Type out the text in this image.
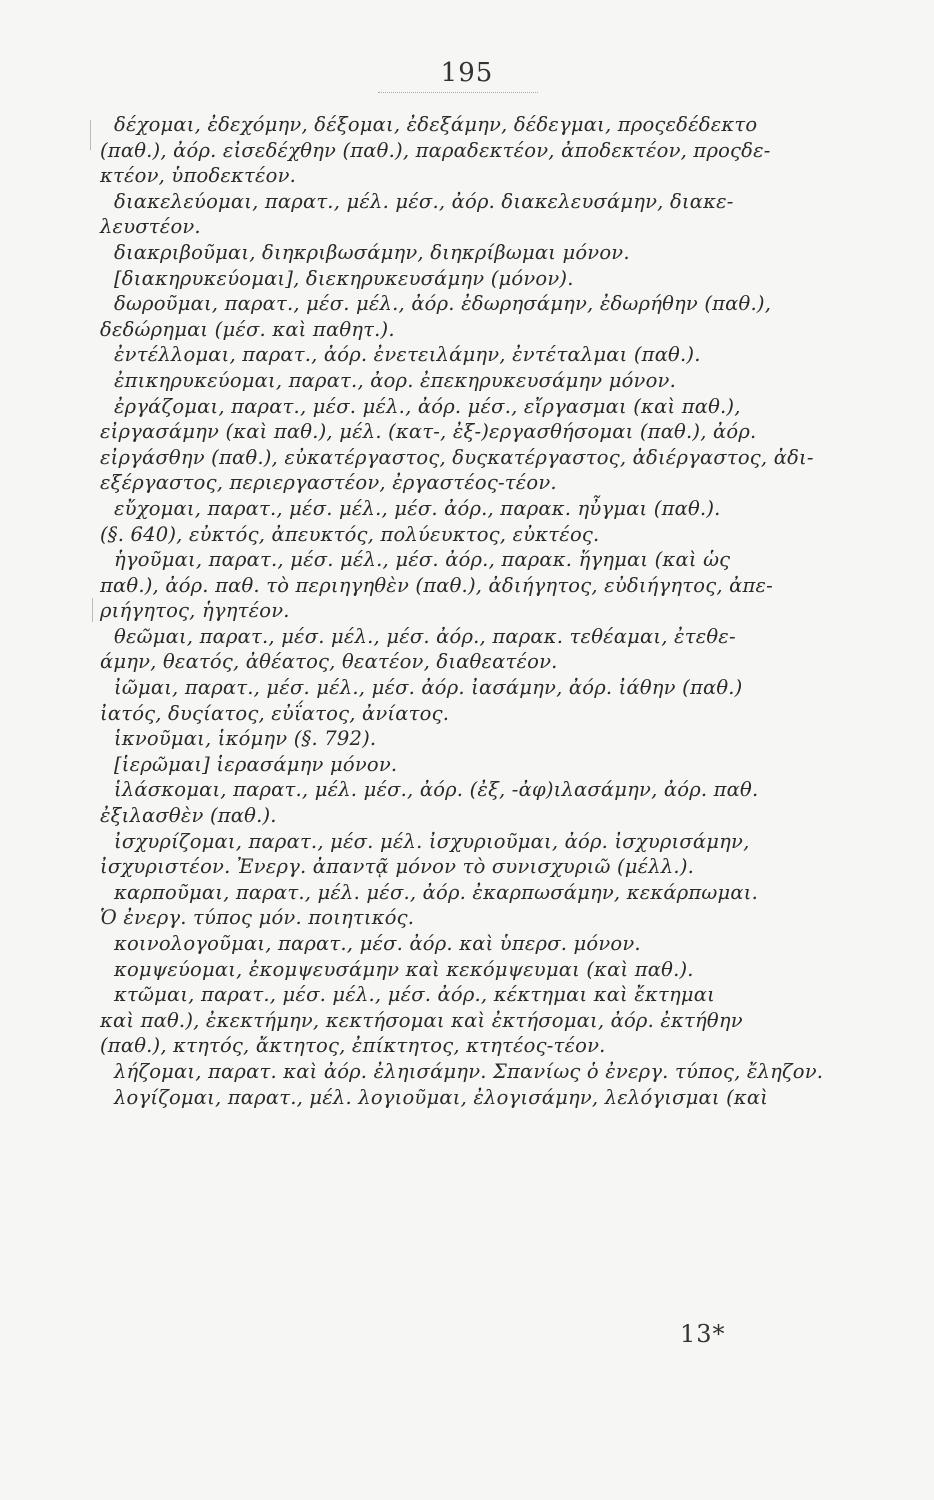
195
δέχομαι, ἐδεχόμην, δέξομαι, ἐδεξάμην, δέδεγμαι, προςεδέδεκτο
(παθ.), ἀόρ. εἰσεδέχθην (παθ.), παραδεκτέον, ἀποδεκτέον, προςδε-
κτέον, ὑποδεκτέον.
διακελεύομαι, παρατ., μέλ. μέσ., ἀόρ. διακελευσάμην, διακε-
λευστέον.
διακριβοῦμαι, διηκριβωσάμην, διηκρίβωμαι μόνον.
[διακηρυκεύομαι], διεκηρυκευσάμην (μόνον).
δωροῦμαι, παρατ., μέσ. μέλ., ἀόρ. ἐδωρησάμην, ἐδωρήθην (παθ.),
δεδώρημαι (μέσ. καὶ παθητ.).
ἐντέλλομαι, παρατ., ἀόρ. ἐνετειλάμην, ἐντέταλμαι (παθ.).
ἐπικηρυκεύομαι, παρατ., ἀορ. ἐπεκηρυκευσάμην μόνον.
ἐργάζομαι, παρατ., μέσ. μέλ., ἀόρ. μέσ., εἴργασμαι (καὶ παθ.),
εἰργασάμην (καὶ παθ.), μέλ. (κατ-, ἐξ-)εργασθήσομαι (παθ.), ἀόρ.
εἰργάσθην (παθ.), εὐκατέργαστος, δυςκατέργαστος, ἀδιέργαστος, ἀδι-
εξέργαστος, περιεργαστέον, ἐργαστέος-τέον.
εὔχομαι, παρατ., μέσ. μέλ., μέσ. ἀόρ., παρακ. ηὖγμαι (παθ.).
(§. 640), εὐκτός, ἀπευκτός, πολύευκτος, εὐκτέος.
ἡγοῦμαι, παρατ., μέσ. μέλ., μέσ. ἀόρ., παρακ. ἥγημαι (καὶ ὡς
παθ.), ἀόρ. παθ. τὸ περιηγηθὲν (παθ.), ἀδιήγητος, εὐδιήγητος, ἀπε-
ριήγητος, ἡγητέον.
θεῶμαι, παρατ., μέσ. μέλ., μέσ. ἀόρ., παρακ. τεθέαμαι, ἐτεθε-
άμην, θεατός, ἀθέατος, θεατέον, διαθεατέον.
ἰῶμαι, παρατ., μέσ. μέλ., μέσ. ἀόρ. ἰασάμην, ἀόρ. ἰάθην (παθ.)
ἰατός, δυςίατος, εὐΐατος, ἀνίατος.
ἱκνοῦμαι, ἱκόμην (§. 792).
[ἱερῶμαι] ἱερασάμην μόνον.
ἱλάσκομαι, παρατ., μέλ. μέσ., ἀόρ. (ἐξ, -ἀφ)ιλασάμην, ἀόρ. παθ.
ἐξιλασθὲν (παθ.).
ἰσχυρίζομαι, παρατ., μέσ. μέλ. ἰσχυριοῦμαι, ἀόρ. ἰσχυρισάμην,
ἰσχυριστέον. Ἐνεργ. ἀπαντᾷ μόνον τὸ συνισχυριῶ (μέλλ.).
καρποῦμαι, παρατ., μέλ. μέσ., ἀόρ. ἐκαρπωσάμην, κεκάρπωμαι.
Ὁ ἐνεργ. τύπος μόν. ποιητικός.
κοινολογοῦμαι, παρατ., μέσ. ἀόρ. καὶ ὑπερσ. μόνον.
κομψεύομαι, ἐκομψευσάμην καὶ κεκόμψευμαι (καὶ παθ.).
κτῶμαι, παρατ., μέσ. μέλ., μέσ. ἀόρ., κέκτημαι καὶ ἔκτημαι
καὶ παθ.), ἐκεκτήμην, κεκτήσομαι καὶ ἐκτήσομαι, ἀόρ. ἐκτήθην
(παθ.), κτητός, ἄκτητος, ἐπίκτητος, κτητέος-τέον.
λήζομαι, παρατ. καὶ ἀόρ. ἐληισάμην. Σπανίως ὁ ἐνεργ. τύπος, ἔληζον.
λογίζομαι, παρατ., μέλ. λογιοῦμαι, ἐλογισάμην, λελόγισμαι (καὶ
13*
